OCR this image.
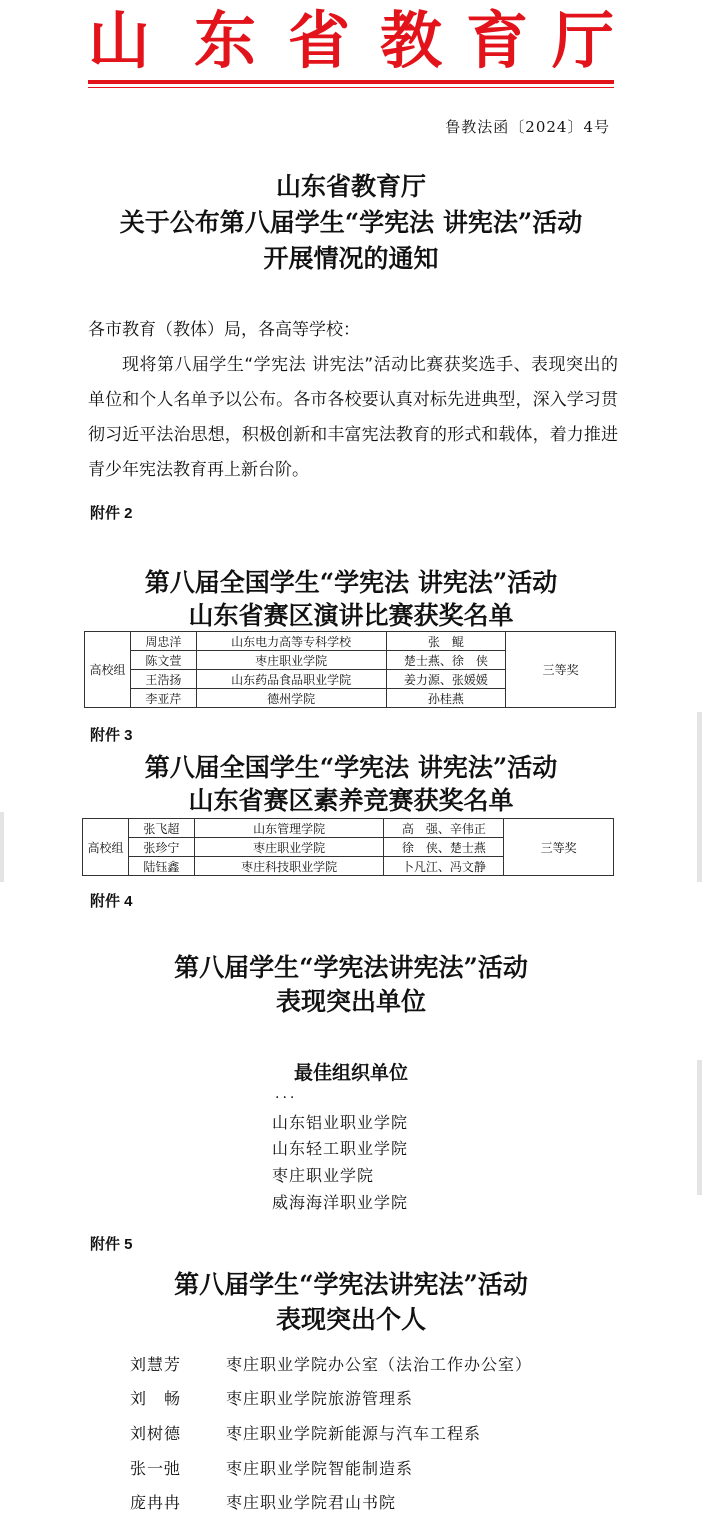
山 东 省 教 育 厅
鲁教法函〔2024〕4号
山东省教育厅
关于公布第八届学生“学宪法 讲宪法”活动
开展情况的通知
各市教育（教体）局，各高等学校：
现将第八届学生“学宪法 讲宪法”活动比赛获奖选手、表现突出的单位和个人名单予以公布。各市各校要认真对标先进典型，深入学习贯彻习近平法治思想，积极创新和丰富宪法教育的形式和载体，着力推进青少年宪法教育再上新台阶。
附件 2
第八届全国学生“学宪法 讲宪法”活动
山东省赛区演讲比赛获奖名单
高校组	周忠洋	山东电力高等专科学校	张　鲲	三等奖
	陈文萱	枣庄职业学院	楚士燕、徐　侠	
	王浩扬	山东药品食品职业学院	姜力源、张媛媛	
	李亚芹	德州学院	孙桂燕	
附件 3
第八届全国学生“学宪法 讲宪法”活动
山东省赛区素养竞赛获奖名单
高校组	张飞超	山东管理学院	高　强、辛伟正	三等奖
	张珍宁	枣庄职业学院	徐　侠、楚士燕	
	陆钰鑫	枣庄科技职业学院	卜凡江、冯文静	
附件 4
第八届学生“学宪法讲宪法”活动
表现突出单位
最佳组织单位
...
山东铝业职业学院
山东轻工职业学院
枣庄职业学院
威海海洋职业学院
附件 5
第八届学生“学宪法讲宪法”活动
表现突出个人
刘慧芳	枣庄职业学院办公室（法治工作办公室）
刘　畅	枣庄职业学院旅游管理系
刘树德	枣庄职业学院新能源与汽车工程系
张一弛	枣庄职业学院智能制造系
庞冉冉	枣庄职业学院君山书院
